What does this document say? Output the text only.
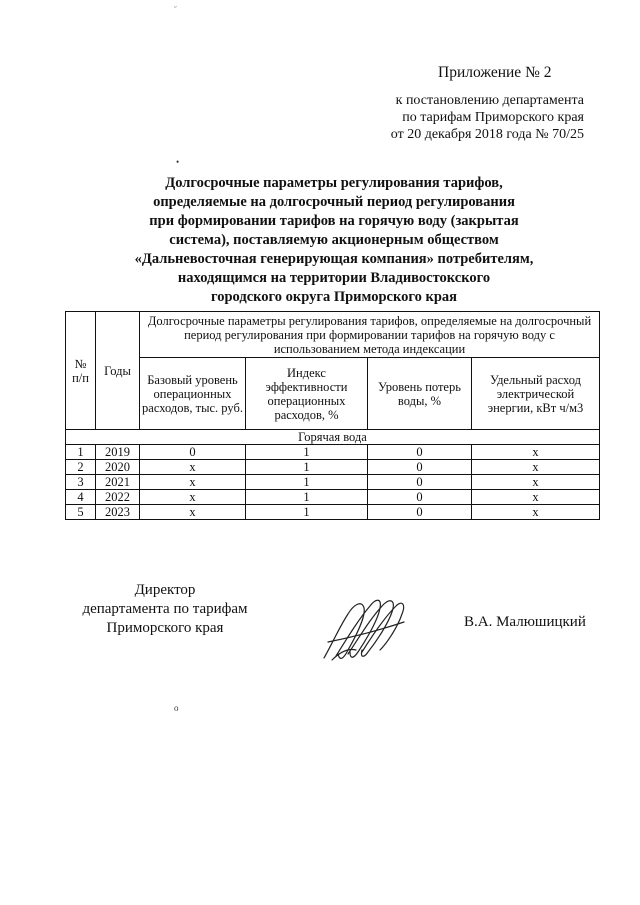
Приложение № 2
к постановлению департамента
по тарифам Приморского края
от 20 декабря 2018 года № 70/25
ᵕ
•
o
Долгосрочные параметры регулирования тарифов,
определяемые на долгосрочный период регулирования
при формировании тарифов на горячую воду (закрытая
система), поставляемую акционерным обществом
«Дальневосточная генерирующая компания» потребителям,
находящимся на территории Владивостокского
городского округа Приморского края
№ п/п	Годы	Долгосрочные параметры регулирования тарифов, определяемые на долгосрочный период регулирования при формировании тарифов на горячую воду с использованием метода индексации			
		Базовый уровень операционных расходов, тыс. руб.	Индекс эффективности операционных расходов, %	Уровень потерь воды, %	Удельный расход электрической энергии, кВт ч/м3
Горячая вода					
1	2019	0	1	0	х
2	2020	х	1	0	х
3	2021	х	1	0	х
4	2022	х	1	0	х
5	2023	х	1	0	х
Директор
департамента по тарифам
Приморского края	В.А. Малюшицкий
